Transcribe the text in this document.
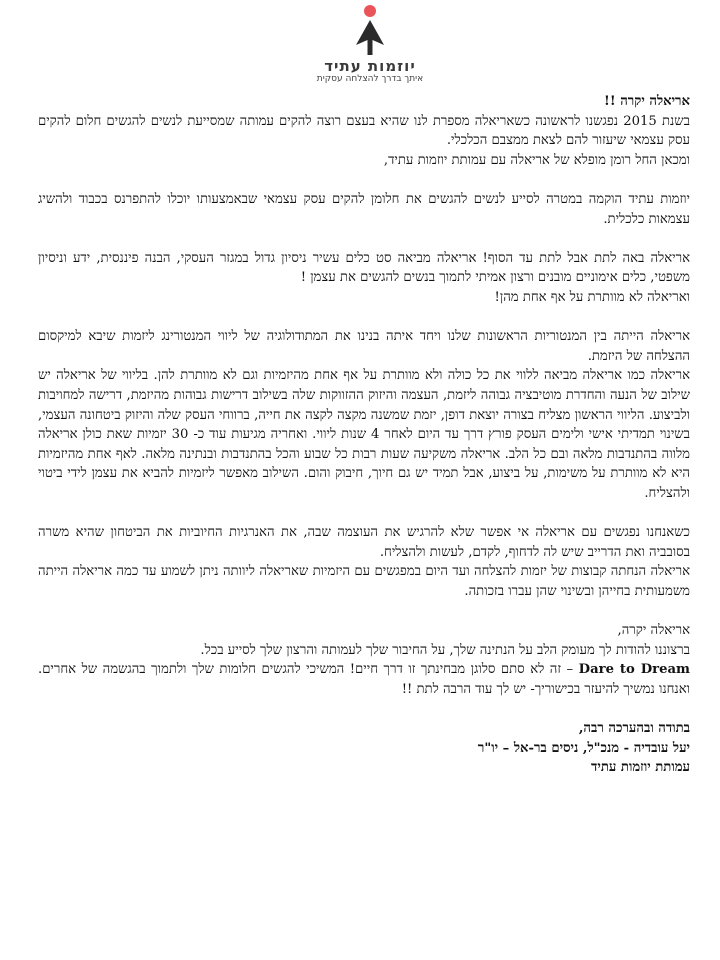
יוזמות עתיד
איתך בדרך להצלחה עסקית

אריאלה יקרה !!

בשנת 2015 נפגשנו לראשונה כשאריאלה מספרת לנו שהיא בעצם רוצה להקים עמותה שמסייעת לנשים להגשים חלום להקים עסק עצמאי שיעזור להם לצאת ממצבם הכלכלי.

ומכאן החל רומן מופלא של אריאלה עם עמותת יוזמות עתיד,

יוזמות עתיד הוקמה במטרה לסייע לנשים להגשים את חלומן להקים עסק עצמאי שבאמצעותו יוכלו להתפרנס בכבוד ולהשיג עצמאות כלכלית.

אריאלה באה לתת אבל לתת עד הסוף! אריאלה מביאה סט כלים עשיר ניסיון גדול במגזר העסקי, הבנה פיננסית, ידע וניסיון משפטי, כלים אימוניים מובנים ורצון אמיתי לתמוך בנשים להגשים את עצמן !

ואריאלה לא מוותרת על אף אחת מהן!

אריאלה הייתה בין המנטוריות הראשונות שלנו ויחד איתה בנינו את המתודולוגיה של ליווי המנטורינג ליזמות שיבא למיקסום ההצלחה של היזמת.

אריאלה כמו אריאלה מביאה ללווי את כל כולה ולא מוותרת על אף אחת מהיזמיות וגם לא מוותרת להן. בליווי של אריאלה יש שילוב של הנעה והחדרת מוטיבציה גבוהה ליזמת, העצמה והיזוק ההזווקות שלה בשילוב דרישות גבוהות מהיזמת, דרישה למחויבות ולביצוע. הליווי הראשון מצליח בצורה יוצאת דופן, יזמת שמשנה מקצה לקצה את חייה, ברווחי העסק שלה והיזוק ביטחונה העצמי, בשינוי תמדיתי אישי ולימים העסק פורץ דרך עד היום לאחר 4 שנות ליווי. ואחריה מגיעות עוד כ- 30 יזמיות שאת כולן אריאלה מלווה בהתנדבות מלאה ובם כל הלב. אריאלה משקיעה שעות רבות כל שבוע והכל בהתנדבות ובנתינה מלאה. לאף אחת מהיזמיות היא לא מוותרת על משימות, על ביצוע, אבל תמיד יש גם חיוך, חיבוק והום. השילוב מאפשר ליזמיות להביא את עצמן לידי ביטוי ולהצליח.

כשאנחנו נפגשים עם אריאלה אי אפשר שלא להרגיש את העוצמה שבה, את האנרגיות החיוביות את הביטחון שהיא משרה בסובביה ואת הדרייב שיש לה לדחוף, לקדם, לעשות ולהצליח.

אריאלה הנחתה קבוצות של יזמות להצלחה ועד היום במפגשים עם היזמיות שאריאלה ליוותה ניתן לשמוע עד כמה אריאלה הייתה משמעותית בחייהן ובשינוי שהן עברו בזכותה.

אריאלה יקרה,

ברצוננו להודות לך מעומק הלב על הנתינה שלך, על החיבור שלך לעמותה והרצון שלך לסייע בכל.

Dare to Dream – זה לא סתם סלוגן מבחינתך זו דרך חיים! המשיכי להגשים חלומות שלך ולתמוך בהגשמה של אחרים. ואנחנו נמשיך להיעזר בכישוריך- יש לך עוד הרבה לתת !!

בתודה ובהערכה רבה,

יעל עובדיה - מנכ"ל, ניסים בר-אל – יו"ר

עמותת יוזמות עתיד
